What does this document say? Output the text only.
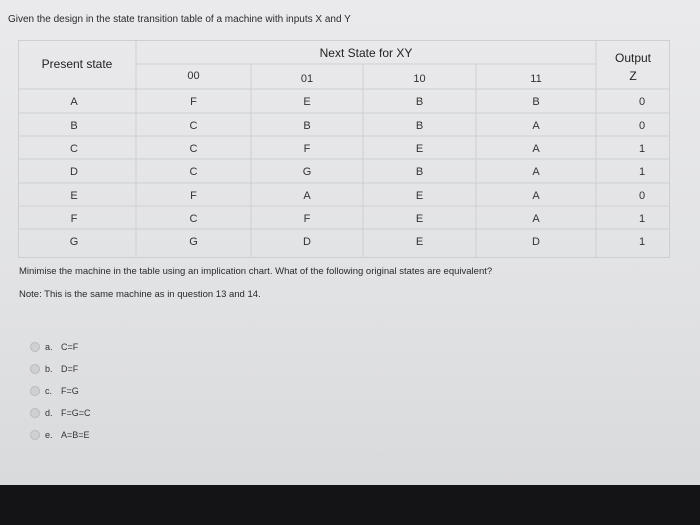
Given the design in the state transition table of a machine with inputs X and Y
Present state
Next State for XY	Output
Z
00	01	10	11
A	F	E	B	B	0
B	C	B	B	A	0
C	C	F	E	A	1
D	C	G	B	A	1
E	F	A	E	A	0
F	C	F	E	A	1
G	G	D	E	D	1
Minimise the machine in the table using an implication chart. What of the following original states are equivalent?
Note: This is the same machine as in question 13 and 14.
a. C=F
b. D=F
c. F=G
d. F=G=C
e. A=B=E
